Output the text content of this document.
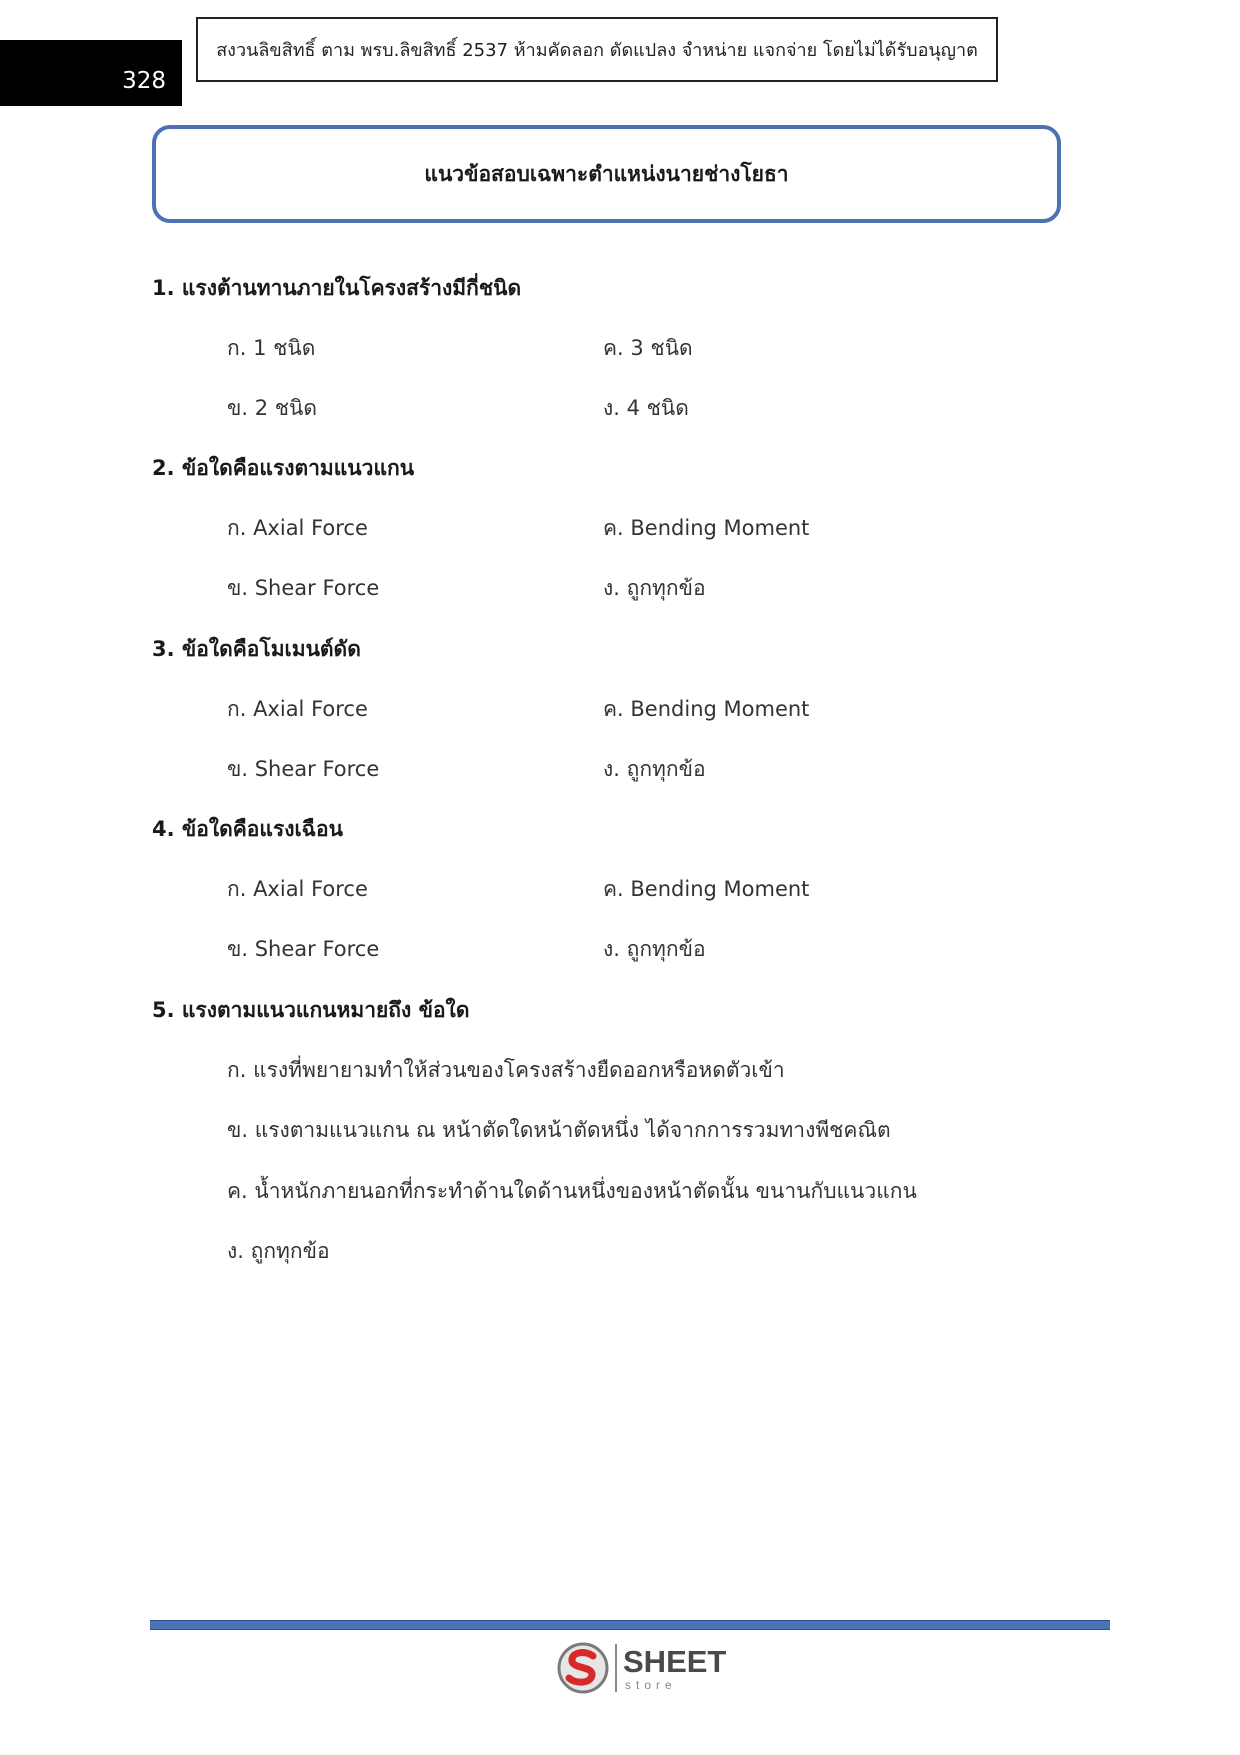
328
สงวนลิขสิทธิ์ ตาม พรบ.ลิขสิทธิ์ 2537 ห้ามคัดลอก ดัดแปลง จำหน่าย แจกจ่าย โดยไม่ได้รับอนุญาต
แนวข้อสอบเฉพาะตำแหน่งนายช่างโยธา
1. แรงต้านทานภายในโครงสร้างมีกี่ชนิด
ก. 1 ชนิด	ค. 3 ชนิด
ข. 2 ชนิด	ง. 4 ชนิด
2. ข้อใดคือแรงตามแนวแกน
ก. Axial Force	ค. Bending Moment
ข. Shear Force	ง. ถูกทุกข้อ
3. ข้อใดคือโมเมนต์ดัด
ก. Axial Force	ค. Bending Moment
ข. Shear Force	ง. ถูกทุกข้อ
4. ข้อใดคือแรงเฉือน
ก. Axial Force	ค. Bending Moment
ข. Shear Force	ง. ถูกทุกข้อ
5. แรงตามแนวแกนหมายถึง ข้อใด
ก. แรงที่พยายามทำให้ส่วนของโครงสร้างยืดออกหรือหดตัวเข้า
ข. แรงตามแนวแกน ณ หน้าตัดใดหน้าตัดหนึ่ง ได้จากการรวมทางพีชคณิต
ค. น้ำหนักภายนอกที่กระทำด้านใดด้านหนึ่งของหน้าตัดนั้น ขนานกับแนวแกน
ง. ถูกทุกข้อ
SHEET
store
